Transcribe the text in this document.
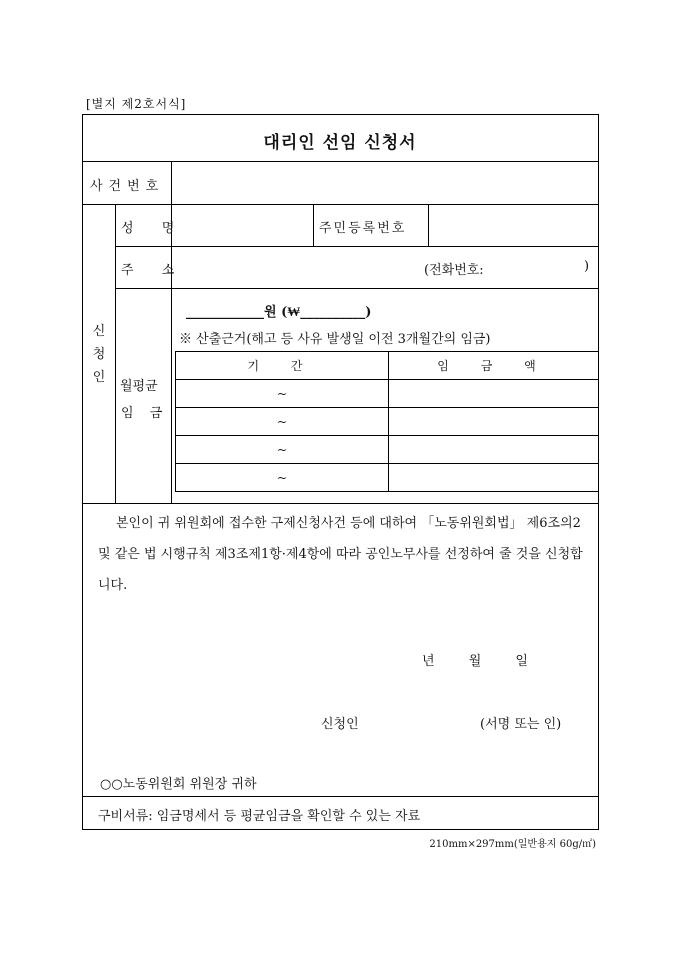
[별지 제2호서식]
대리인 선임 신청서
사건번호
신청인
성 명	주민등록번호
주 소	(전화번호:	)
월평균
임 금
____________원 (₩__________)
※ 산출근거(해고 등 사유 발생일 이전 3개월간의 임금)
기 간	임 금 액
~	
~	
~	
~	
본인이 귀 위원회에 접수한 구제신청사건 등에 대하여 「노동위원회법」 제6조의2 및 같은 법 시행규칙 제3조제1항·제4항에 따라 공인노무사를 선정하여 줄 것을 신청합니다.
년 월 일
신청인	(서명 또는 인)
○○노동위원회 위원장 귀하
구비서류: 임금명세서 등 평균임금을 확인할 수 있는 자료
210mm×297mm(일반용지 60g/㎡)
